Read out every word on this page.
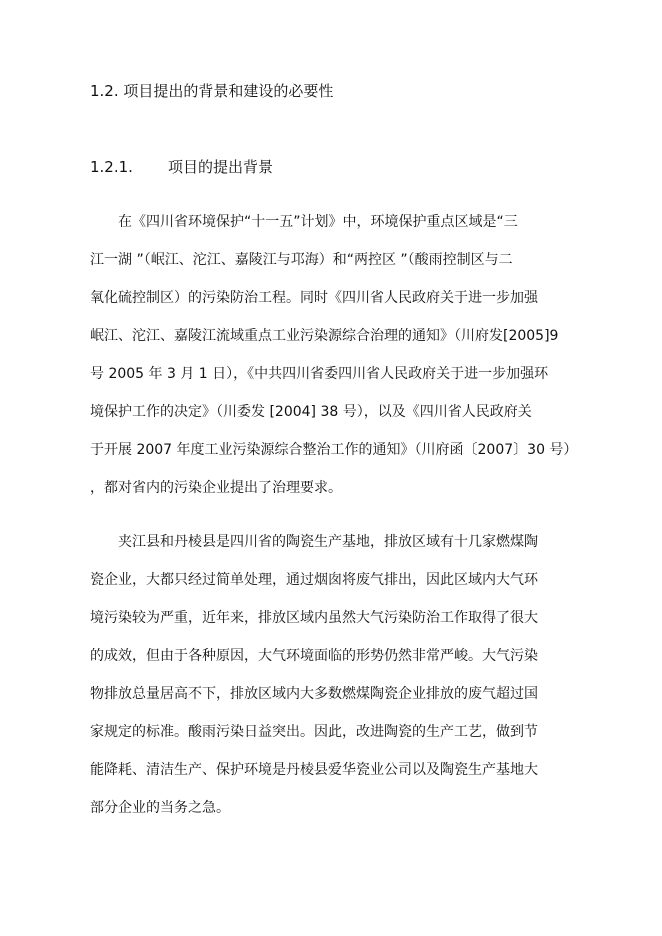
1.2. 项目提出的背景和建设的必要性
1.2.1. 项目的提出背景
在《四川省环境保护“十一五”计划》中，环境保护重点区域是“三
江一湖 ”（岷江、沱江、嘉陵江与邛海）和“两控区 ”（酸雨控制区与二
氧化硫控制区）的污染防治工程。同时《四川省人民政府关于进一步加强
岷江、沱江、嘉陵江流域重点工业污染源综合治理的通知》（川府发[2005]9
号 2005 年 3 月 1 日），《中共四川省委四川省人民政府关于进一步加强环
境保护工作的决定》（川委发 [2004] 38 号），以及《四川省人民政府关
于开展 2007 年度工业污染源综合整治工作的通知》（川府函〔2007〕30 号）
，都对省内的污染企业提出了治理要求。
夹江县和丹棱县是四川省的陶瓷生产基地，排放区域有十几家燃煤陶
瓷企业，大都只经过简单处理，通过烟囱将废气排出，因此区域内大气环
境污染较为严重，近年来，排放区域内虽然大气污染防治工作取得了很大
的成效，但由于各种原因，大气环境面临的形势仍然非常严峻。大气污染
物排放总量居高不下，排放区域内大多数燃煤陶瓷企业排放的废气超过国
家规定的标准。酸雨污染日益突出。因此，改进陶瓷的生产工艺，做到节
能降耗、清洁生产、保护环境是丹棱县爱华瓷业公司以及陶瓷生产基地大
部分企业的当务之急。
